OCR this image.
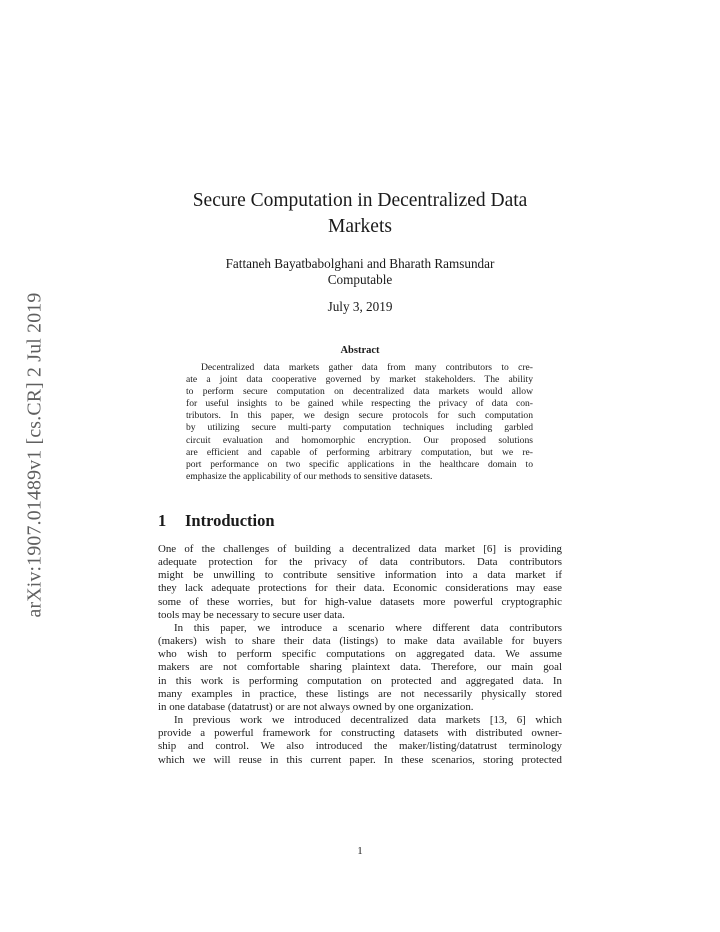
arXiv:1907.01489v1 [cs.CR] 2 Jul 2019
Secure Computation in Decentralized Data
Markets
Fattaneh Bayatbabolghani and Bharath Ramsundar
Computable
July 3, 2019
Abstract
Decentralized data markets gather data from many contributors to cre-
ate a joint data cooperative governed by market stakeholders. The ability
to perform secure computation on decentralized data markets would allow
for useful insights to be gained while respecting the privacy of data con-
tributors. In this paper, we design secure protocols for such computation
by utilizing secure multi-party computation techniques including garbled
circuit evaluation and homomorphic encryption. Our proposed solutions
are efficient and capable of performing arbitrary computation, but we re-
port performance on two specific applications in the healthcare domain to
emphasize the applicability of our methods to sensitive datasets.
1 Introduction
One of the challenges of building a decentralized data market [6] is providing
adequate protection for the privacy of data contributors. Data contributors
might be unwilling to contribute sensitive information into a data market if
they lack adequate protections for their data. Economic considerations may ease
some of these worries, but for high-value datasets more powerful cryptographic
tools may be necessary to secure user data.
In this paper, we introduce a scenario where different data contributors
(makers) wish to share their data (listings) to make data available for buyers
who wish to perform specific computations on aggregated data. We assume
makers are not comfortable sharing plaintext data. Therefore, our main goal
in this work is performing computation on protected and aggregated data. In
many examples in practice, these listings are not necessarily physically stored
in one database (datatrust) or are not always owned by one organization.
In previous work we introduced decentralized data markets [13, 6] which
provide a powerful framework for constructing datasets with distributed owner-
ship and control. We also introduced the maker/listing/datatrust terminology
which we will reuse in this current paper. In these scenarios, storing protected
1
